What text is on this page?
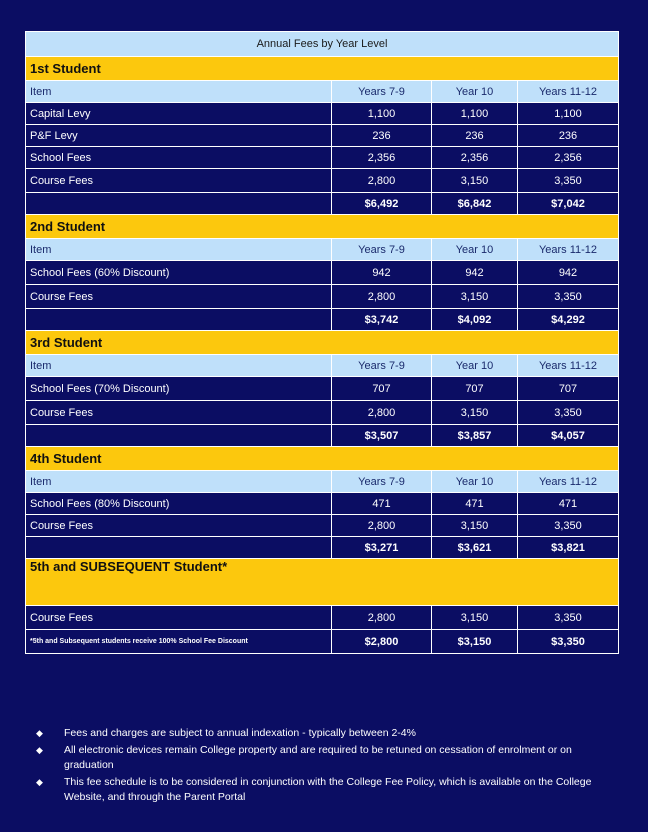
Annual Fees by Year Level			
1st Student			
Item	Years 7-9	Year 10	Years 11-12
Capital Levy	1,100	1,100	1,100
P&F Levy	236	236	236
School Fees	2,356	2,356	2,356
Course Fees	2,800	3,150	3,350
	$6,492	$6,842	$7,042
2nd Student			
Item	Years 7-9	Year 10	Years 11-12
School Fees (60% Discount)	942	942	942
Course Fees	2,800	3,150	3,350
	$3,742	$4,092	$4,292
3rd Student			
Item	Years 7-9	Year 10	Years 11-12
School Fees (70% Discount)	707	707	707
Course Fees	2,800	3,150	3,350
	$3,507	$3,857	$4,057
4th Student			
Item	Years 7-9	Year 10	Years 11-12
School Fees (80% Discount)	471	471	471
Course Fees	2,800	3,150	3,350
	$3,271	$3,621	$3,821
5th and SUBSEQUENT Student*			
Course Fees	2,800	3,150	3,350
*5th and Subsequent students receive 100% School Fee Discount	$2,800	$3,150	$3,350
◆ Fees and charges are subject to annual indexation - typically between 2-4%
◆ All electronic devices remain College property and are required to be retuned on cessation of enrolment or on graduation
◆ This fee schedule is to be considered in conjunction with the College Fee Policy, which is available on the College Website, and through the Parent Portal
